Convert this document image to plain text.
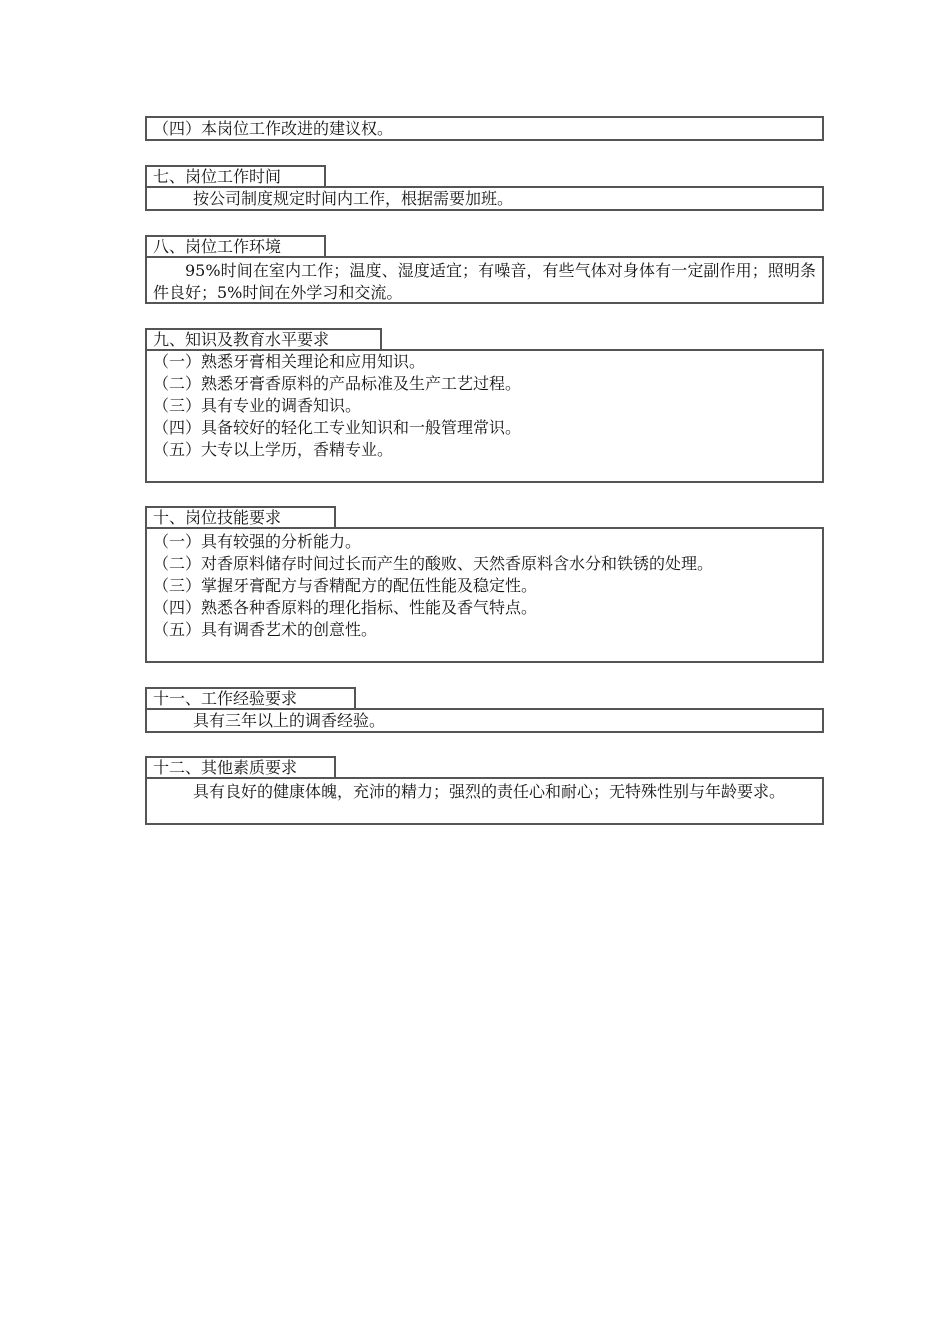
（四）本岗位工作改进的建议权。
七、岗位工作时间
按公司制度规定时间内工作，根据需要加班。
八、岗位工作环境
95%时间在室内工作；温度、湿度适宜；有噪音，有些气体对身体有一定副作用；照明条件良好；5%时间在外学习和交流。
九、知识及教育水平要求
（一）熟悉牙膏相关理论和应用知识。
（二）熟悉牙膏香原料的产品标准及生产工艺过程。
（三）具有专业的调香知识。
（四）具备较好的轻化工专业知识和一般管理常识。
（五）大专以上学历，香精专业。
十、岗位技能要求
（一）具有较强的分析能力。
（二）对香原料储存时间过长而产生的酸败、天然香原料含水分和铁锈的处理。
（三）掌握牙膏配方与香精配方的配伍性能及稳定性。
（四）熟悉各种香原料的理化指标、性能及香气特点。
（五）具有调香艺术的创意性。
十一、工作经验要求
具有三年以上的调香经验。
十二、其他素质要求
具有良好的健康体魄，充沛的精力；强烈的责任心和耐心；无特殊性别与年龄要求。
